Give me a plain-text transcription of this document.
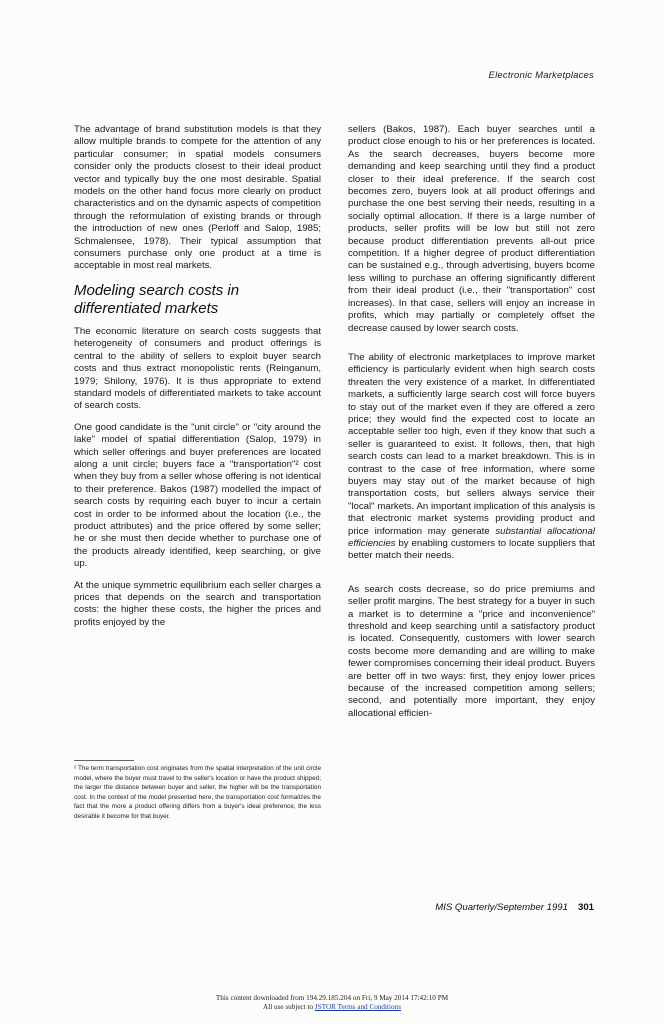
Electronic Marketplaces

The advantage of brand substitution models is that they allow multiple brands to compete for the attention of any particular consumer; in spatial models consumers consider only the products closest to their ideal product vector and typically buy the one most desirable. Spatial models on the other hand focus more clearly on product characteristics and on the dynamic aspects of competition through the reformulation of existing brands or through the introduction of new ones (Perloff and Salop, 1985; Schmalensee, 1978). Their typical assumption that consumers purchase only one product at a time is acceptable in most real markets.

Modeling search costs in differentiated markets

The economic literature on search costs suggests that heterogeneity of consumers and product offerings is central to the ability of sellers to exploit buyer search costs and thus extract monopolistic rents (Reinganum, 1979; Shilony, 1976). It is thus appropriate to extend standard models of differentiated markets to take account of search costs.

One good candidate is the "unit circle" or "city around the lake" model of spatial differentiation (Salop, 1979) in which seller offerings and buyer preferences are located along a unit circle; buyers face a "transportation"² cost when they buy from a seller whose offering is not identical to their preference. Bakos (1987) modelled the impact of search costs by requiring each buyer to incur a certain cost in order to be informed about the location (i.e., the product attributes) and the price offered by some seller; he or she must then decide whether to purchase one of the products already identified, keep searching, or give up.

At the unique symmetric equilibrium each seller charges a prices that depends on the search and transportation costs: the higher these costs, the higher the prices and profits enjoyed by the

² The term transportation cost originates from the spatial interpretation of the unit circle model, where the buyer must travel to the seller's location or have the product shipped; the larger the distance between buyer and seller, the higher will be the transportation cost. In the context of the model presented here, the transportation cost formalizes the fact that the more a product offering differs from a buyer's ideal preference, the less desirable it become for that buyer.

sellers (Bakos, 1987). Each buyer searches until a product close enough to his or her preferences is located. As the search decreases, buyers become more demanding and keep searching until they find a product closer to their ideal preference. If the search cost becomes zero, buyers look at all product offerings and purchase the one best serving their needs, resulting in a socially optimal allocation. If there is a large number of products, seller profits will be low but still not zero because product differentiation prevents all-out price competition. If a higher degree of product differentiation can be sustained e.g., through advertising, buyers bcome less willing to purchase an offering significantly different from their ideal product (i.e., their "transportation" cost increases). In that case, sellers will enjoy an increase in profits, which may partially or completely offset the decrease caused by lower search costs.

The ability of electronic marketplaces to improve market efficiency is particularly evident when high search costs threaten the very existence of a market. In differentiated markets, a sufficiently large search cost will force buyers to stay out of the market even if they are offered a zero price; they would find the expected cost to locate an acceptable seller too high, even if they know that such a seller is guaranteed to exist. It follows, then, that high search costs can lead to a market breakdown. This is in contrast to the case of free information, where some buyers may stay out of the market because of high transportation costs, but sellers always service their "local" markets. An important implication of this analysis is that electronic market systems providing product and price information may generate substantial allocational efficiencies by enabling customers to locate suppliers that better match their needs.

As search costs decrease, so do price premiums and seller profit margins. The best strategy for a buyer in such a market is to determine a "price and inconvenience" threshold and keep searching until a satisfactory product is located. Consequently, customers with lower search costs become more demanding and are willing to make fewer compromises concerning their ideal product. Buyers are better off in two ways: first, they enjoy lower prices because of the increased competition among sellers; second, and potentially more important, they enjoy allocational efficien-

MIS Quarterly/September 1991 301
This content downloaded from 194.29.185.204 on Fri, 9 May 2014 17:42:10 PM
All use subject to JSTOR Terms and Conditions
